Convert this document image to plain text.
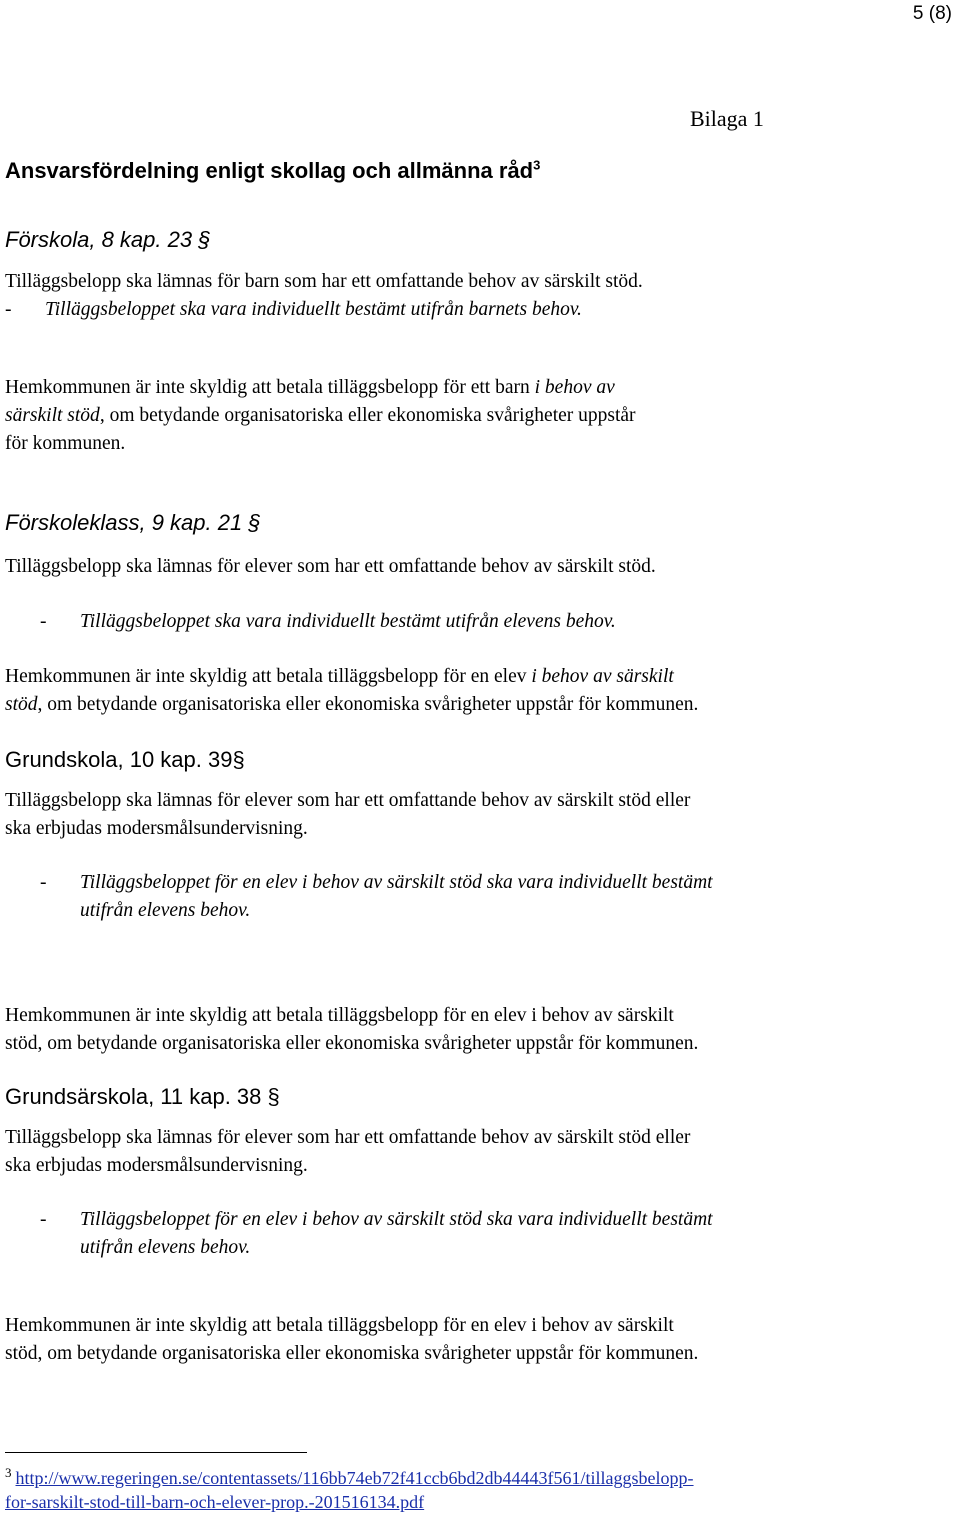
5 (8)
Bilaga 1
Ansvarsfördelning enligt skollag och allmänna råd$^3$
Förskola, 8 kap. 23 §
Tilläggsbelopp ska lämnas för barn som har ett omfattande behov av särskilt stöd.
- Tilläggsbeloppet ska vara individuellt bestämt utifrån barnets behov.
Hemkommunen är inte skyldig att betala tilläggsbelopp för ett barn i behov av
särskilt stöd, om betydande organisatoriska eller ekonomiska svårigheter uppstår
för kommunen.
Förskoleklass, 9 kap. 21 §
Tilläggsbelopp ska lämnas för elever som har ett omfattande behov av särskilt stöd.
- Tilläggsbeloppet ska vara individuellt bestämt utifrån elevens behov.
Hemkommunen är inte skyldig att betala tilläggsbelopp för en elev i behov av särskilt
stöd, om betydande organisatoriska eller ekonomiska svårigheter uppstår för kommunen.
Grundskola, 10 kap. 39§
Tilläggsbelopp ska lämnas för elever som har ett omfattande behov av särskilt stöd eller
ska erbjudas modersmålsundervisning.
- Tilläggsbeloppet för en elev i behov av särskilt stöd ska vara individuellt bestämt
utifrån elevens behov.
Hemkommunen är inte skyldig att betala tilläggsbelopp för en elev i behov av särskilt
stöd, om betydande organisatoriska eller ekonomiska svårigheter uppstår för kommunen.
Grundsärskola, 11 kap. 38 §
Tilläggsbelopp ska lämnas för elever som har ett omfattande behov av särskilt stöd eller
ska erbjudas modersmålsundervisning.
- Tilläggsbeloppet för en elev i behov av särskilt stöd ska vara individuellt bestämt
utifrån elevens behov.
Hemkommunen är inte skyldig att betala tilläggsbelopp för en elev i behov av särskilt
stöd, om betydande organisatoriska eller ekonomiska svårigheter uppstår för kommunen.
$^3$ http://www.regeringen.se/contentassets/116bb74eb72f41ccb6bd2db44443f561/tillaggsbelopp-
for-sarskilt-stod-till-barn-och-elever-prop.-201516134.pdf
